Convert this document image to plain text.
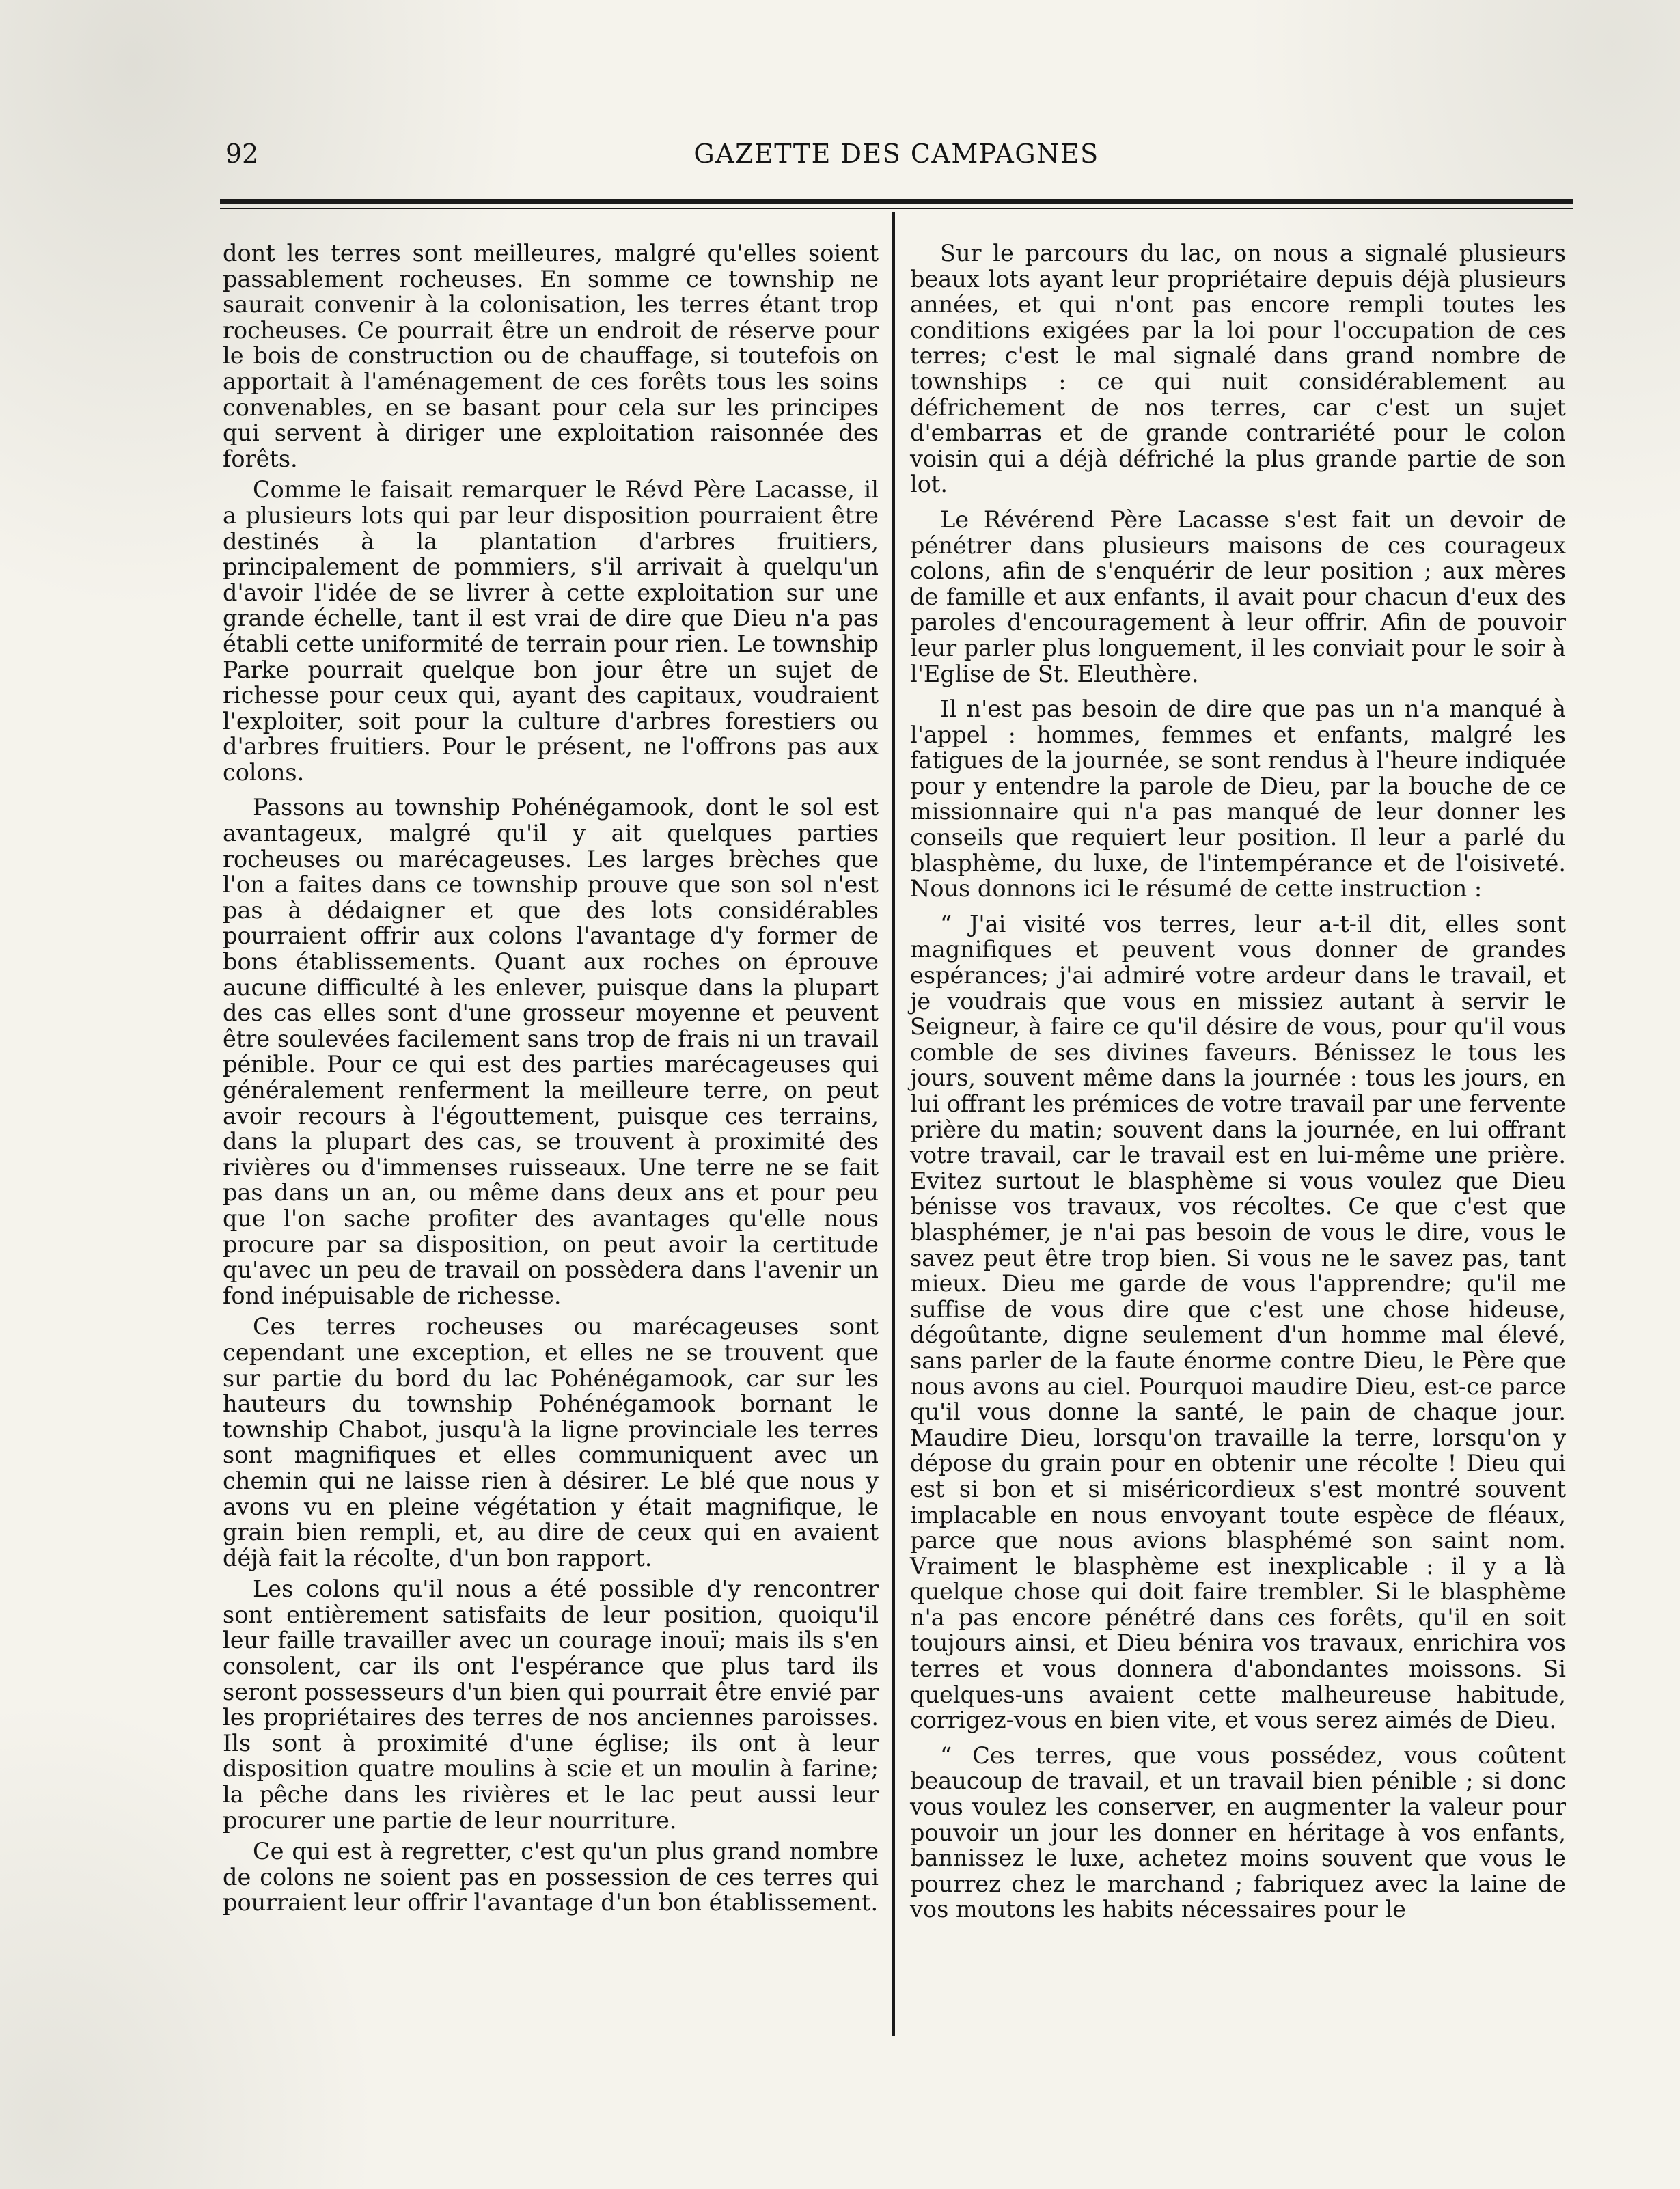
92	GAZETTE DES CAMPAGNES

dont les terres sont meilleures, malgré qu'elles soient passablement rocheuses. En somme ce township ne saurait convenir à la colonisation, les terres étant trop rocheuses. Ce pourrait être un endroit de réserve pour le bois de construction ou de chauffage, si toutefois on apportait à l'aménagement de ces forêts tous les soins convenables, en se basant pour cela sur les principes qui servent à diriger une exploitation raisonnée des forêts.

Comme le faisait remarquer le Révd Père Lacasse, il a plusieurs lots qui par leur disposition pourraient être destinés à la plantation d'arbres fruitiers, principalement de pommiers, s'il arrivait à quelqu'un d'avoir l'idée de se livrer à cette exploitation sur une grande échelle, tant il est vrai de dire que Dieu n'a pas établi cette uniformité de terrain pour rien. Le township Parke pourrait quelque bon jour être un sujet de richesse pour ceux qui, ayant des capitaux, voudraient l'exploiter, soit pour la culture d'arbres forestiers ou d'arbres fruitiers. Pour le présent, ne l'offrons pas aux colons.

Passons au township Pohénégamook, dont le sol est avantageux, malgré qu'il y ait quelques parties rocheuses ou marécageuses. Les larges brèches que l'on a faites dans ce township prouve que son sol n'est pas à dédaigner et que des lots considérables pourraient offrir aux colons l'avantage d'y former de bons établissements. Quant aux roches on éprouve aucune difficulté à les enlever, puisque dans la plupart des cas elles sont d'une grosseur moyenne et peuvent être soulevées facilement sans trop de frais ni un travail pénible. Pour ce qui est des parties marécageuses qui généralement renferment la meilleure terre, on peut avoir recours à l'égouttement, puisque ces terrains, dans la plupart des cas, se trouvent à proximité des rivières ou d'immenses ruisseaux. Une terre ne se fait pas dans un an, ou même dans deux ans et pour peu que l'on sache profiter des avantages qu'elle nous procure par sa disposition, on peut avoir la certitude qu'avec un peu de travail on possèdera dans l'avenir un fond inépuisable de richesse.

Ces terres rocheuses ou marécageuses sont cependant une exception, et elles ne se trouvent que sur partie du bord du lac Pohénégamook, car sur les hauteurs du township Pohénégamook bornant le township Chabot, jusqu'à la ligne provinciale les terres sont magnifiques et elles communiquent avec un chemin qui ne laisse rien à désirer. Le blé que nous y avons vu en pleine végétation y était magnifique, le grain bien rempli, et, au dire de ceux qui en avaient déjà fait la récolte, d'un bon rapport.

Les colons qu'il nous a été possible d'y rencontrer sont entièrement satisfaits de leur position, quoiqu'il leur faille travailler avec un courage inouï; mais ils s'en consolent, car ils ont l'espérance que plus tard ils seront possesseurs d'un bien qui pourrait être envié par les propriétaires des terres de nos anciennes paroisses. Ils sont à proximité d'une église; ils ont à leur disposition quatre moulins à scie et un moulin à farine; la pêche dans les rivières et le lac peut aussi leur procurer une partie de leur nourriture.

Ce qui est à regretter, c'est qu'un plus grand nombre de colons ne soient pas en possession de ces terres qui pourraient leur offrir l'avantage d'un bon établissement.

Sur le parcours du lac, on nous a signalé plusieurs beaux lots ayant leur propriétaire depuis déjà plusieurs années, et qui n'ont pas encore rempli toutes les conditions exigées par la loi pour l'occupation de ces terres; c'est le mal signalé dans grand nombre de townships : ce qui nuit considérablement au défrichement de nos terres, car c'est un sujet d'embarras et de grande contrariété pour le colon voisin qui a déjà défriché la plus grande partie de son lot.

Le Révérend Père Lacasse s'est fait un devoir de pénétrer dans plusieurs maisons de ces courageux colons, afin de s'enquérir de leur position ; aux mères de famille et aux enfants, il avait pour chacun d'eux des paroles d'encouragement à leur offrir. Afin de pouvoir leur parler plus longuement, il les conviait pour le soir à l'Eglise de St. Eleuthère.

Il n'est pas besoin de dire que pas un n'a manqué à l'appel : hommes, femmes et enfants, malgré les fatigues de la journée, se sont rendus à l'heure indiquée pour y entendre la parole de Dieu, par la bouche de ce missionnaire qui n'a pas manqué de leur donner les conseils que requiert leur position. Il leur a parlé du blasphème, du luxe, de l'intempérance et de l'oisiveté. Nous donnons ici le résumé de cette instruction :

“ J'ai visité vos terres, leur a-t-il dit, elles sont magnifiques et peuvent vous donner de grandes espérances; j'ai admiré votre ardeur dans le travail, et je voudrais que vous en missiez autant à servir le Seigneur, à faire ce qu'il désire de vous, pour qu'il vous comble de ses divines faveurs. Bénissez le tous les jours, souvent même dans la journée : tous les jours, en lui offrant les prémices de votre travail par une fervente prière du matin; souvent dans la journée, en lui offrant votre travail, car le travail est en lui-même une prière. Evitez surtout le blasphème si vous voulez que Dieu bénisse vos travaux, vos récoltes. Ce que c'est que blasphémer, je n'ai pas besoin de vous le dire, vous le savez peut être trop bien. Si vous ne le savez pas, tant mieux. Dieu me garde de vous l'apprendre; qu'il me suffise de vous dire que c'est une chose hideuse, dégoûtante, digne seulement d'un homme mal élevé, sans parler de la faute énorme contre Dieu, le Père que nous avons au ciel. Pourquoi maudire Dieu, est-ce parce qu'il vous donne la santé, le pain de chaque jour. Maudire Dieu, lorsqu'on travaille la terre, lorsqu'on y dépose du grain pour en obtenir une récolte ! Dieu qui est si bon et si miséricordieux s'est montré souvent implacable en nous envoyant toute espèce de fléaux, parce que nous avions blasphémé son saint nom. Vraiment le blasphème est inexplicable : il y a là quelque chose qui doit faire trembler. Si le blasphème n'a pas encore pénétré dans ces forêts, qu'il en soit toujours ainsi, et Dieu bénira vos travaux, enrichira vos terres et vous donnera d'abondantes moissons. Si quelques-uns avaient cette malheureuse habitude, corrigez-vous en bien vite, et vous serez aimés de Dieu.

“ Ces terres, que vous possédez, vous coûtent beaucoup de travail, et un travail bien pénible ; si donc vous voulez les conserver, en augmenter la valeur pour pouvoir un jour les donner en héritage à vos enfants, bannissez le luxe, achetez moins souvent que vous le pourrez chez le marchand ; fabriquez avec la laine de vos moutons les habits nécessaires pour le
